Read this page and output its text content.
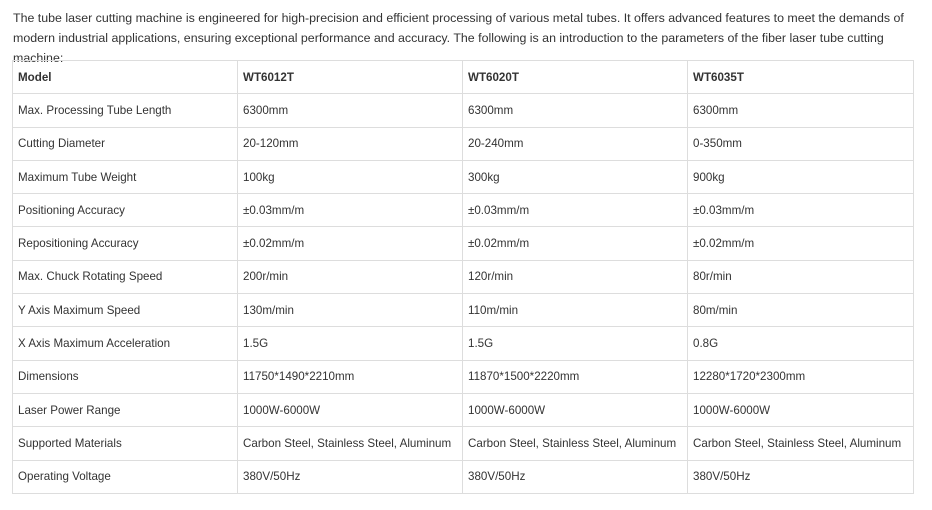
The tube laser cutting machine is engineered for high-precision and efficient processing of various metal tubes. It offers advanced features to meet the demands of modern industrial applications, ensuring exceptional performance and accuracy. The following is an introduction to the parameters of the fiber laser tube cutting machine:

Model	WT6012T	WT6020T	WT6035T
Max. Processing Tube Length	6300mm	6300mm	6300mm
Cutting Diameter	20-120mm	20-240mm	0-350mm
Maximum Tube Weight	100kg	300kg	900kg
Positioning Accuracy	±0.03mm/m	±0.03mm/m	±0.03mm/m
Repositioning Accuracy	±0.02mm/m	±0.02mm/m	±0.02mm/m
Max. Chuck Rotating Speed	200r/min	120r/min	80r/min
Y Axis Maximum Speed	130m/min	110m/min	80m/min
X Axis Maximum Acceleration	1.5G	1.5G	0.8G
Dimensions	11750*1490*2210mm	11870*1500*2220mm	12280*1720*2300mm
Laser Power Range	1000W-6000W	1000W-6000W	1000W-6000W
Supported Materials	Carbon Steel, Stainless Steel, Aluminum	Carbon Steel, Stainless Steel, Aluminum	Carbon Steel, Stainless Steel, Aluminum
Operating Voltage	380V/50Hz	380V/50Hz	380V/50Hz
